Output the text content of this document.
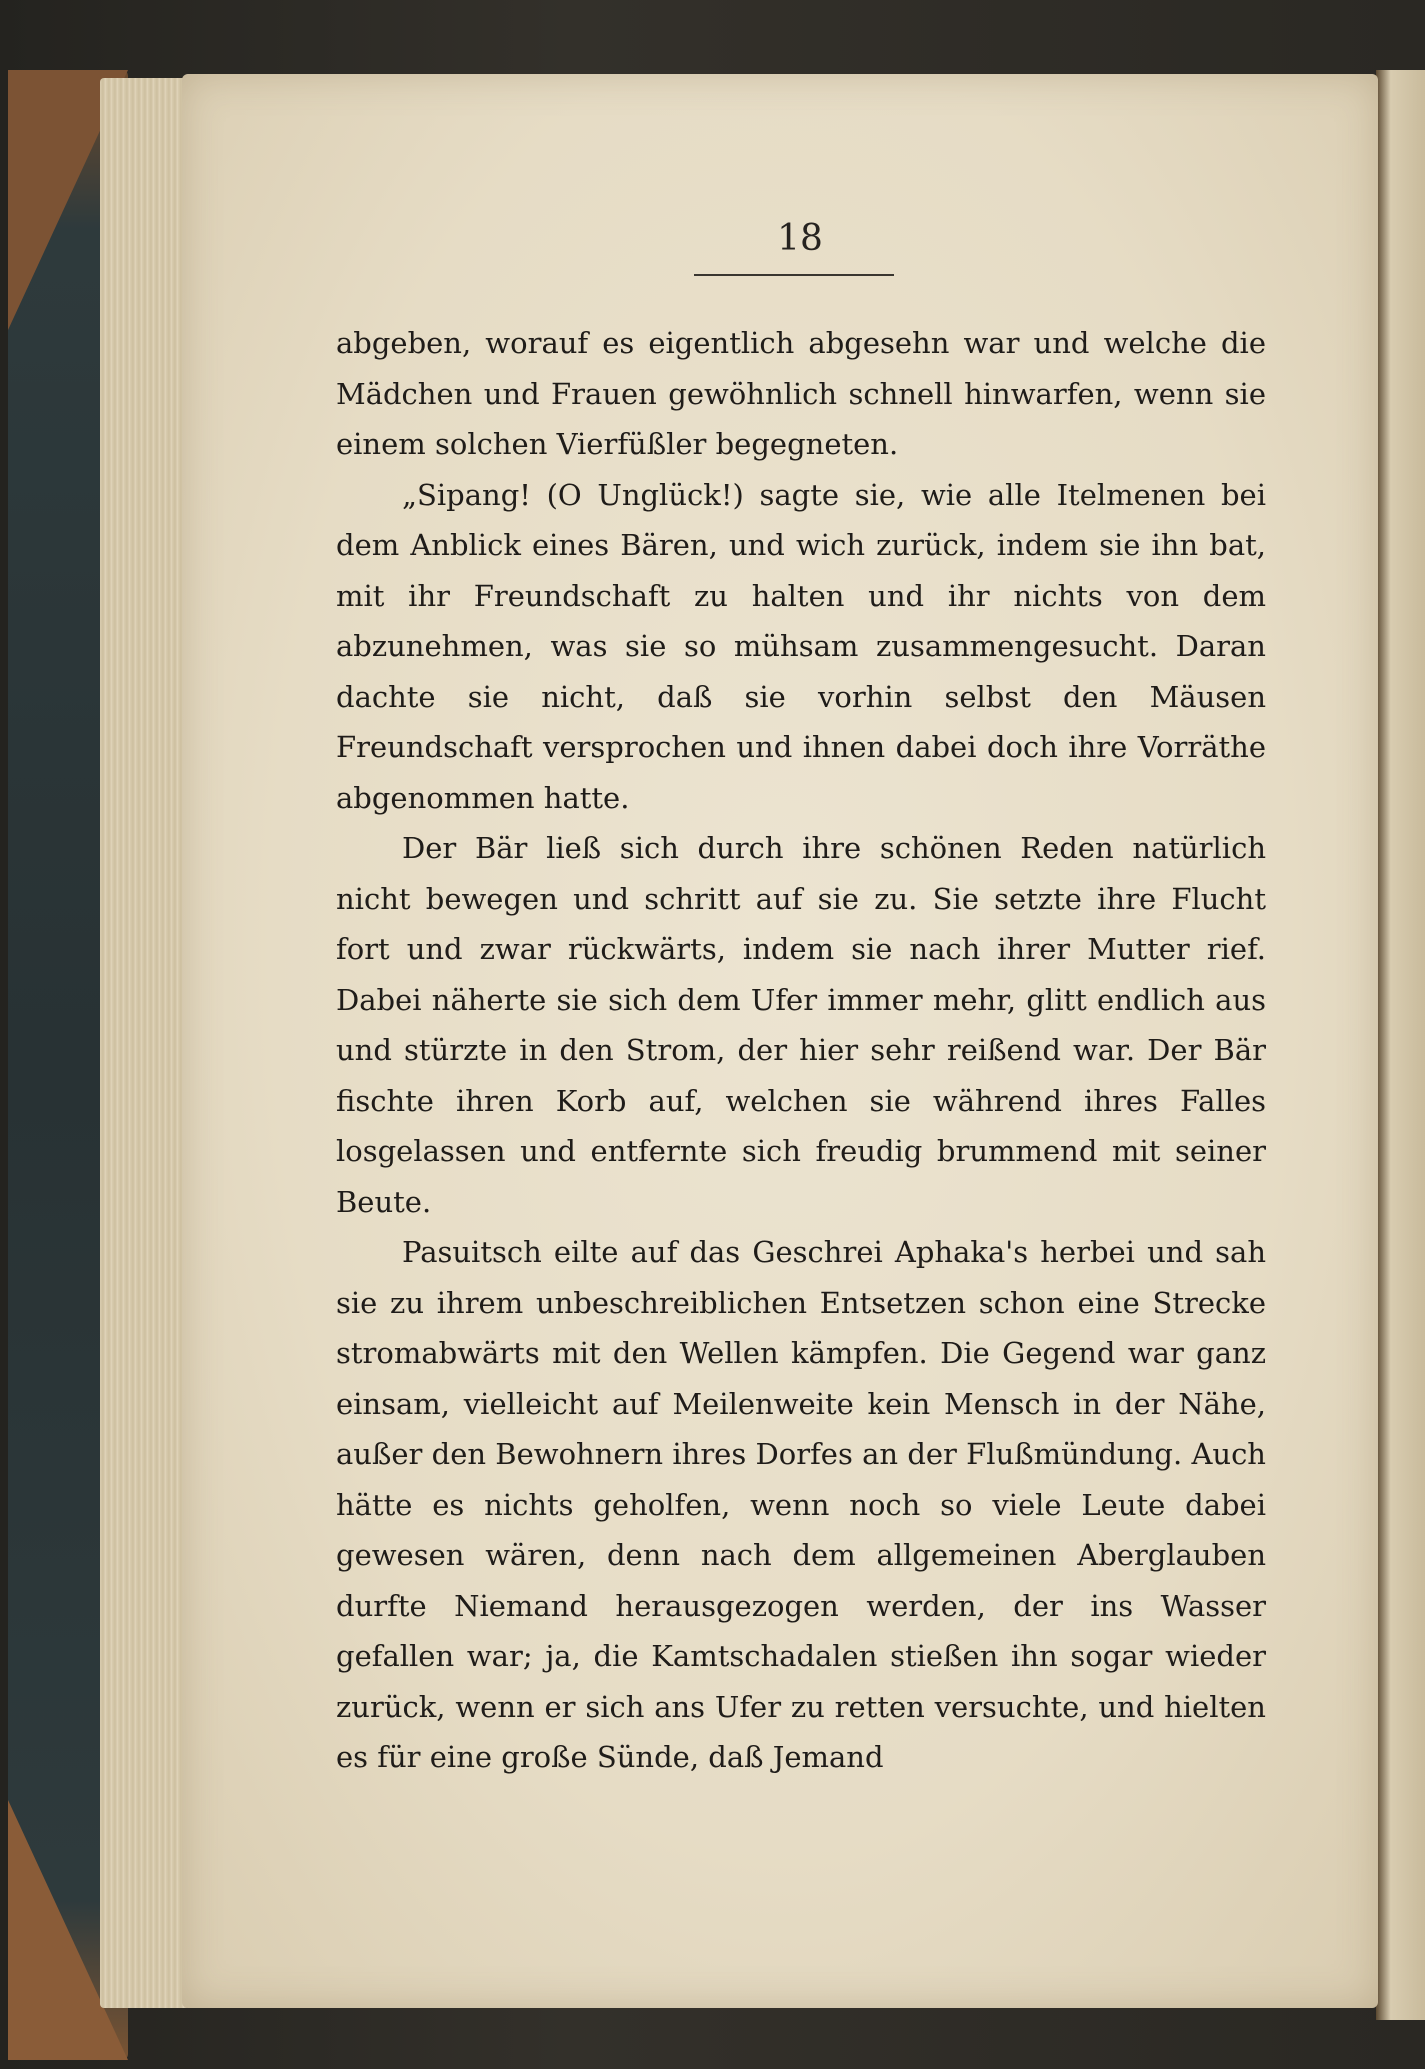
18

abgeben, worauf es eigentlich abgesehn war und welche die Mädchen und Frauen gewöhnlich schnell hinwarfen, wenn sie einem solchen Vierfüßler begegneten.

„Sipang! (O Unglück!) sagte sie, wie alle Itelmenen bei dem Anblick eines Bären, und wich zurück, indem sie ihn bat, mit ihr Freundschaft zu halten und ihr nichts von dem abzunehmen, was sie so mühsam zusammengesucht. Daran dachte sie nicht, daß sie vorhin selbst den Mäusen Freundschaft versprochen und ihnen dabei doch ihre Vorräthe abgenommen hatte.

Der Bär ließ sich durch ihre schönen Reden natürlich nicht bewegen und schritt auf sie zu. Sie setzte ihre Flucht fort und zwar rückwärts, indem sie nach ihrer Mutter rief. Dabei näherte sie sich dem Ufer immer mehr, glitt endlich aus und stürzte in den Strom, der hier sehr reißend war. Der Bär fischte ihren Korb auf, welchen sie während ihres Falles losgelassen und entfernte sich freudig brummend mit seiner Beute.

Pasuitsch eilte auf das Geschrei Aphaka's herbei und sah sie zu ihrem unbeschreiblichen Entsetzen schon eine Strecke stromabwärts mit den Wellen kämpfen. Die Gegend war ganz einsam, vielleicht auf Meilenweite kein Mensch in der Nähe, außer den Bewohnern ihres Dorfes an der Flußmündung. Auch hätte es nichts geholfen, wenn noch so viele Leute dabei gewesen wären, denn nach dem allgemeinen Aberglauben durfte Niemand herausgezogen werden, der ins Wasser gefallen war; ja, die Kamtschadalen stießen ihn sogar wieder zurück, wenn er sich ans Ufer zu retten versuchte, und hielten es für eine große Sünde, daß Jemand
